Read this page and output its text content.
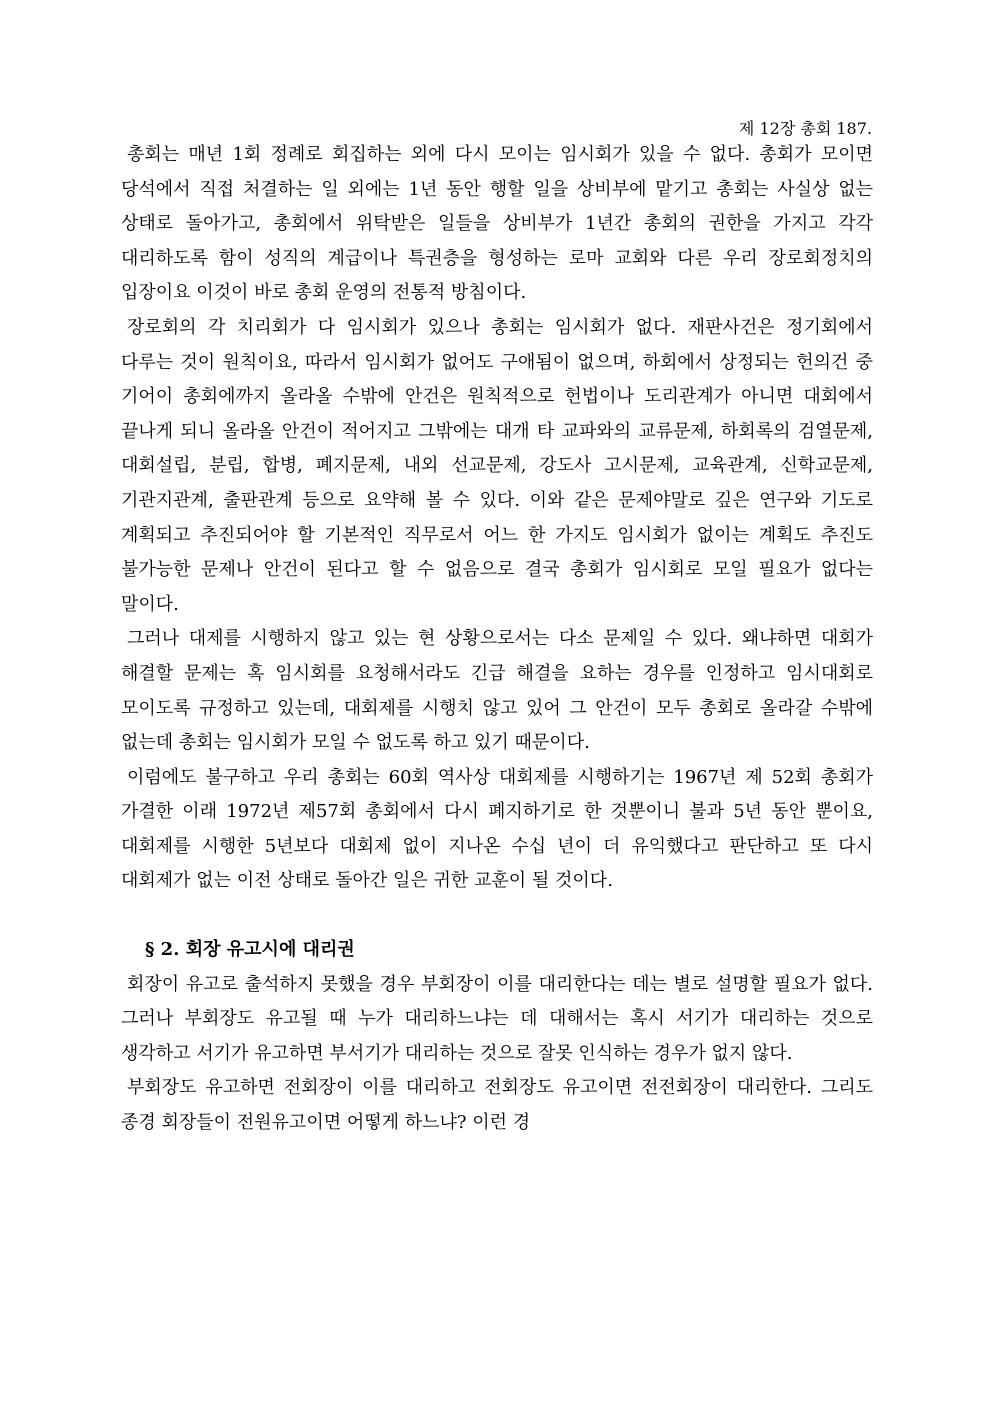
제 12장 총회 187.

총회는 매년 1회 정례로 회집하는 외에 다시 모이는 임시회가 있을 수 없다. 총회가 모이면 당석에서 직접 처결하는 일 외에는 1년 동안 행할 일을 상비부에 맡기고 총회는 사실상 없는 상태로 돌아가고, 총회에서 위탁받은 일들을 상비부가 1년간 총회의 권한을 가지고 각각 대리하도록 함이 성직의 계급이나 특권층을 형성하는 로마 교회와 다른 우리 장로회정치의 입장이요 이것이 바로 총회 운영의 전통적 방침이다.

장로회의 각 치리회가 다 임시회가 있으나 총회는 임시회가 없다. 재판사건은 정기회에서 다루는 것이 원칙이요, 따라서 임시회가 없어도 구애됨이 없으며, 하회에서 상정되는 헌의건 중 기어이 총회에까지 올라올 수밖에 안건은 원칙적으로 헌법이나 도리관계가 아니면 대회에서 끝나게 되니 올라올 안건이 적어지고 그밖에는 대개 타 교파와의 교류문제, 하회록의 검열문제, 대회설립, 분립, 합병, 폐지문제, 내외 선교문제, 강도사 고시문제, 교육관계, 신학교문제, 기관지관계, 출판관계 등으로 요약해 볼 수 있다. 이와 같은 문제야말로 깊은 연구와 기도로 계획되고 추진되어야 할 기본적인 직무로서 어느 한 가지도 임시회가 없이는 계획도 추진도 불가능한 문제나 안건이 된다고 할 수 없음으로 결국 총회가 임시회로 모일 필요가 없다는 말이다.

그러나 대제를 시행하지 않고 있는 현 상황으로서는 다소 문제일 수 있다. 왜냐하면 대회가 해결할 문제는 혹 임시회를 요청해서라도 긴급 해결을 요하는 경우를 인정하고 임시대회로 모이도록 규정하고 있는데, 대회제를 시행치 않고 있어 그 안건이 모두 총회로 올라갈 수밖에 없는데 총회는 임시회가 모일 수 없도록 하고 있기 때문이다.

이럼에도 불구하고 우리 총회는 60회 역사상 대회제를 시행하기는 1967년 제 52회 총회가 가결한 이래 1972년 제57회 총회에서 다시 폐지하기로 한 것뿐이니 불과 5년 동안 뿐이요, 대회제를 시행한 5년보다 대회제 없이 지나온 수십 년이 더 유익했다고 판단하고 또 다시 대회제가 없는 이전 상태로 돌아간 일은 귀한 교훈이 될 것이다.

§ 2. 회장 유고시에 대리권

회장이 유고로 출석하지 못했을 경우 부회장이 이를 대리한다는 데는 별로 설명할 필요가 없다. 그러나 부회장도 유고될 때 누가 대리하느냐는 데 대해서는 혹시 서기가 대리하는 것으로 생각하고 서기가 유고하면 부서기가 대리하는 것으로 잘못 인식하는 경우가 없지 않다.

부회장도 유고하면 전회장이 이를 대리하고 전회장도 유고이면 전전회장이 대리한다. 그리도 종경 회장들이 전원유고이면 어떻게 하느냐? 이런 경
